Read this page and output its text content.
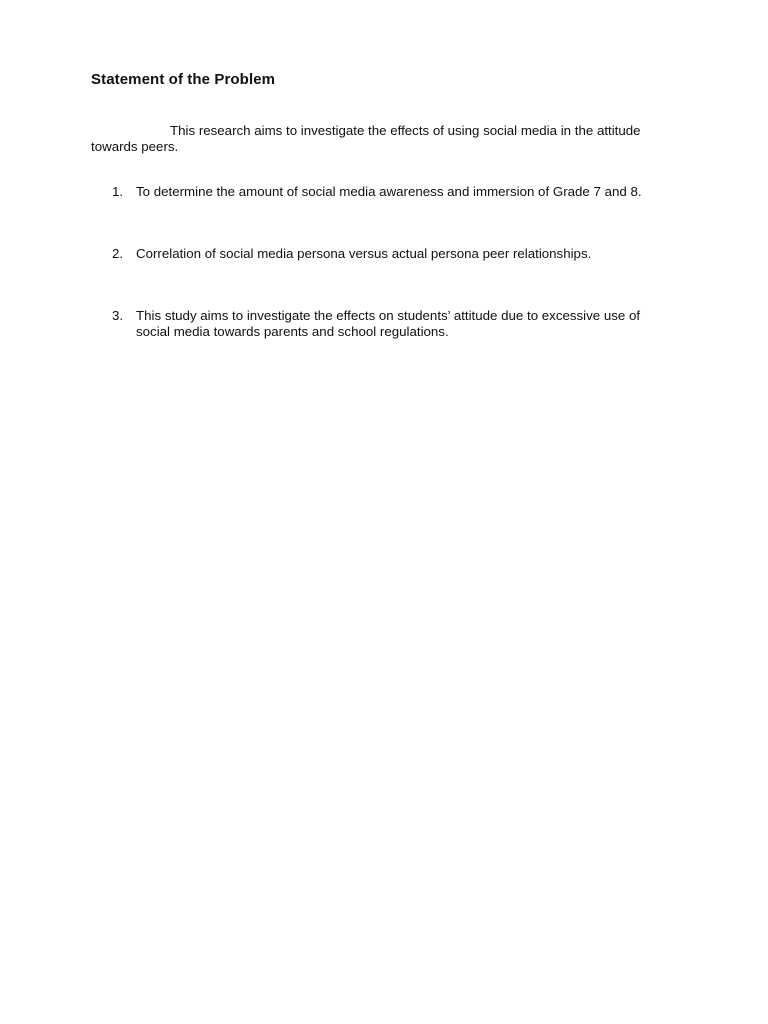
Statement of the Problem

This research aims to investigate the effects of using social media in the attitude towards peers.

1. To determine the amount of social media awareness and immersion of Grade 7 and 8.
2. Correlation of social media persona versus actual persona peer relationships.
3. This study aims to investigate the effects on students’ attitude due to excessive use of social media towards parents and school regulations.
